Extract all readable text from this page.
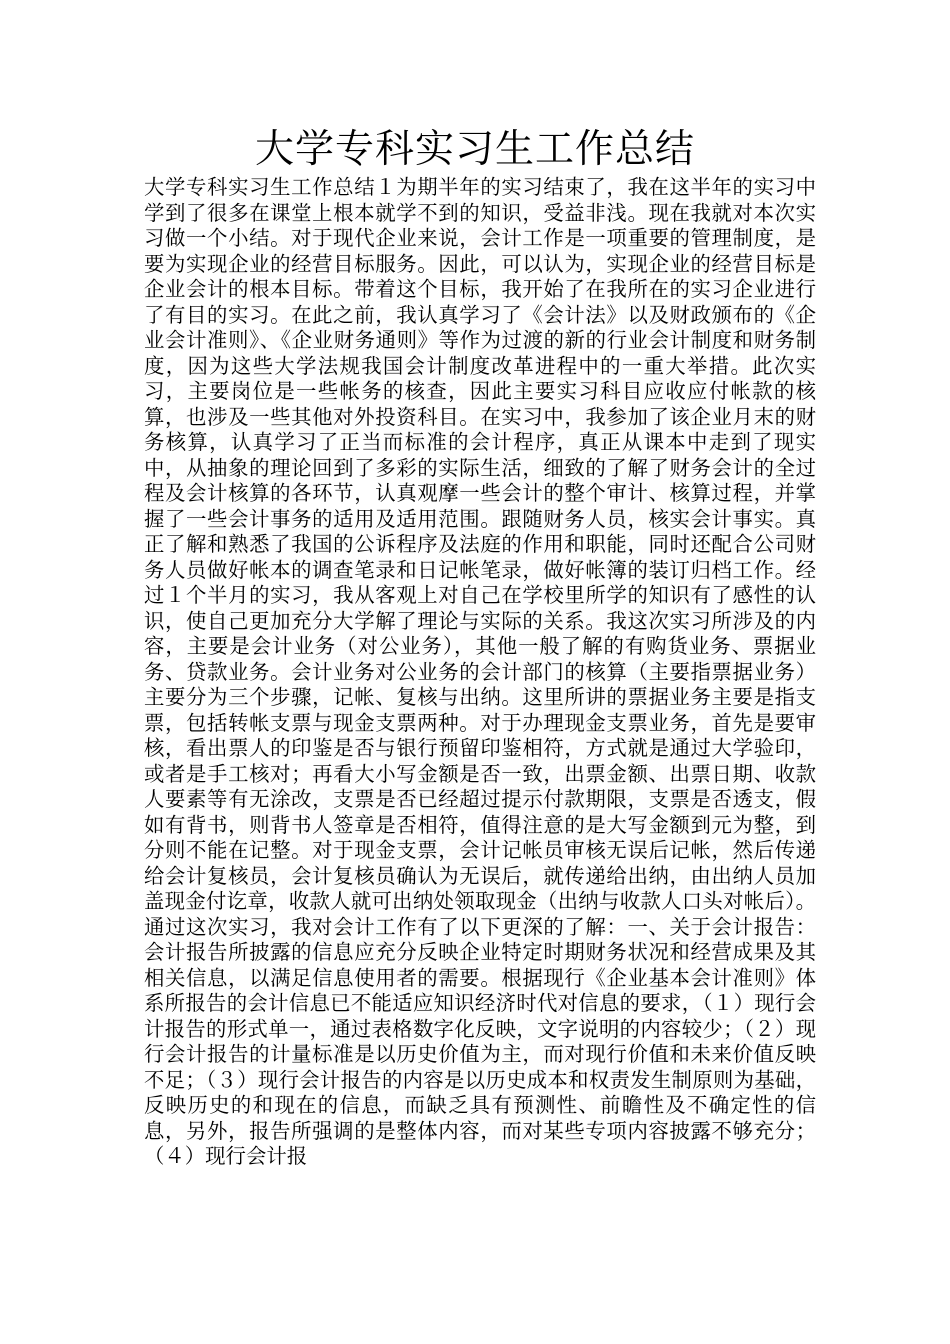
大学专科实习生工作总结

大学专科实习生工作总结１为期半年的实习结束了，我在这半年的实习中学到了很多在课堂上根本就学不到的知识，受益非浅。现在我就对本次实习做一个小结。对于现代企业来说，会计工作是一项重要的管理制度，是要为实现企业的经营目标服务。因此，可以认为，实现企业的经营目标是企业会计的根本目标。带着这个目标，我开始了在我所在的实习企业进行了有目的实习。在此之前，我认真学习了《会计法》以及财政颁布的《企业会计准则》、《企业财务通则》等作为过渡的新的行业会计制度和财务制度，因为这些大学法规我国会计制度改革进程中的一重大举措。此次实习，主要岗位是一些帐务的核查，因此主要实习科目应收应付帐款的核算，也涉及一些其他对外投资科目。在实习中，我参加了该企业月末的财务核算，认真学习了正当而标准的会计程序，真正从课本中走到了现实中，从抽象的理论回到了多彩的实际生活，细致的了解了财务会计的全过程及会计核算的各环节，认真观摩一些会计的整个审计、核算过程，并掌握了一些会计事务的适用及适用范围。跟随财务人员，核实会计事实。真正了解和熟悉了我国的公诉程序及法庭的作用和职能，同时还配合公司财务人员做好帐本的调查笔录和日记帐笔录，做好帐簿的装订归档工作。经过１个半月的实习，我从客观上对自己在学校里所学的知识有了感性的认识，使自己更加充分大学解了理论与实际的关系。我这次实习所涉及的内容，主要是会计业务（对公业务），其他一般了解的有购货业务、票据业务、贷款业务。会计业务对公业务的会计部门的核算（主要指票据业务）主要分为三个步骤，记帐、复核与出纳。这里所讲的票据业务主要是指支票，包括转帐支票与现金支票两种。对于办理现金支票业务，首先是要审核，看出票人的印鉴是否与银行预留印鉴相符，方式就是通过大学验印，或者是手工核对；再看大小写金额是否一致，出票金额、出票日期、收款人要素等有无涂改，支票是否已经超过提示付款期限，支票是否透支，假如有背书，则背书人签章是否相符，值得注意的是大写金额到元为整，到分则不能在记整。对于现金支票，会计记帐员审核无误后记帐，然后传递给会计复核员，会计复核员确认为无误后，就传递给出纳，由出纳人员加盖现金付讫章，收款人就可出纳处领取现金（出纳与收款人口头对帐后）。通过这次实习，我对会计工作有了以下更深的了解：一、关于会计报告：会计报告所披露的信息应充分反映企业特定时期财务状况和经营成果及其相关信息，以满足信息使用者的需要。根据现行《企业基本会计准则》体系所报告的会计信息已不能适应知识经济时代对信息的要求，（１）现行会计报告的形式单一，通过表格数字化反映，文字说明的内容较少；（２）现行会计报告的计量标准是以历史价值为主，而对现行价值和未来价值反映不足；（３）现行会计报告的内容是以历史成本和权责发生制原则为基础，反映历史的和现在的信息，而缺乏具有预测性、前瞻性及不确定性的信息，另外，报告所强调的是整体内容，而对某些专项内容披露不够充分；（４）现行会计报
